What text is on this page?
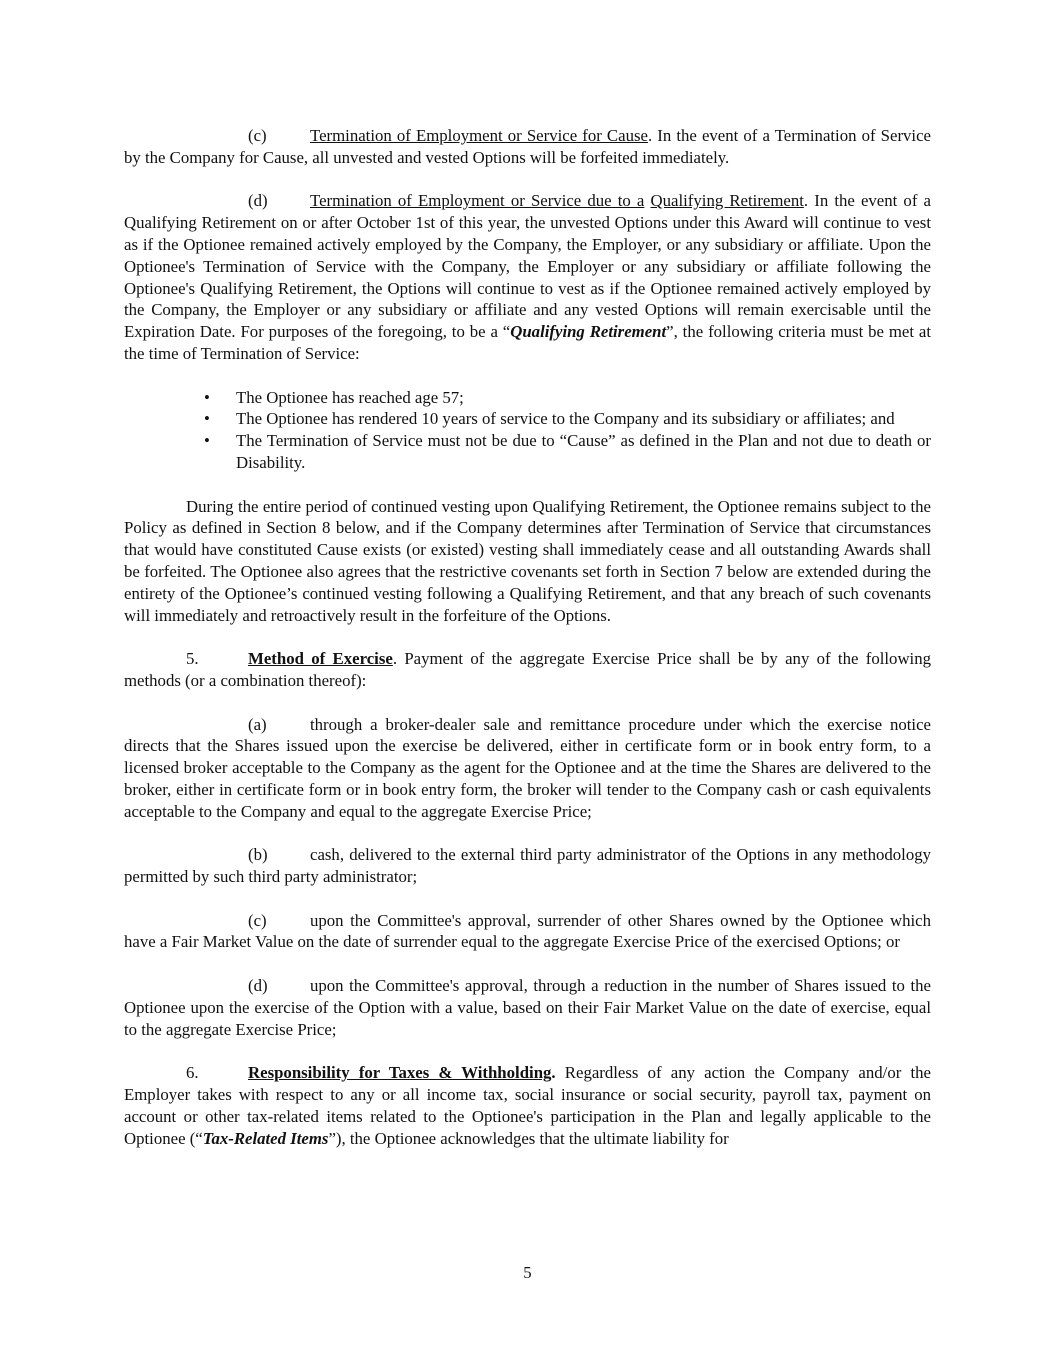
(c)	Termination of Employment or Service for Cause. In the event of a Termination of Service by the Company for Cause, all unvested and vested Options will be forfeited immediately.

(d)	Termination of Employment or Service due to a Qualifying Retirement. In the event of a Qualifying Retirement on or after October 1st of this year, the unvested Options under this Award will continue to vest as if the Optionee remained actively employed by the Company, the Employer, or any subsidiary or affiliate. Upon the Optionee's Termination of Service with the Company, the Employer or any subsidiary or affiliate following the Optionee's Qualifying Retirement, the Options will continue to vest as if the Optionee remained actively employed by the Company, the Employer or any subsidiary or affiliate and any vested Options will remain exercisable until the Expiration Date. For purposes of the foregoing, to be a “Qualifying Retirement”, the following criteria must be met at the time of Termination of Service:

• The Optionee has reached age 57;
• The Optionee has rendered 10 years of service to the Company and its subsidiary or affiliates; and
• The Termination of Service must not be due to “Cause” as defined in the Plan and not due to death or Disability.

During the entire period of continued vesting upon Qualifying Retirement, the Optionee remains subject to the Policy as defined in Section 8 below, and if the Company determines after Termination of Service that circumstances that would have constituted Cause exists (or existed) vesting shall immediately cease and all outstanding Awards shall be forfeited. The Optionee also agrees that the restrictive covenants set forth in Section 7 below are extended during the entirety of the Optionee’s continued vesting following a Qualifying Retirement, and that any breach of such covenants will immediately and retroactively result in the forfeiture of the Options.

5.	Method of Exercise. Payment of the aggregate Exercise Price shall be by any of the following methods (or a combination thereof):

(a)	through a broker-dealer sale and remittance procedure under which the exercise notice directs that the Shares issued upon the exercise be delivered, either in certificate form or in book entry form, to a licensed broker acceptable to the Company as the agent for the Optionee and at the time the Shares are delivered to the broker, either in certificate form or in book entry form, the broker will tender to the Company cash or cash equivalents acceptable to the Company and equal to the aggregate Exercise Price;

(b)	cash, delivered to the external third party administrator of the Options in any methodology permitted by such third party administrator;

(c)	upon the Committee's approval, surrender of other Shares owned by the Optionee which have a Fair Market Value on the date of surrender equal to the aggregate Exercise Price of the exercised Options; or

(d)	upon the Committee's approval, through a reduction in the number of Shares issued to the Optionee upon the exercise of the Option with a value, based on their Fair Market Value on the date of exercise, equal to the aggregate Exercise Price;

6.	Responsibility for Taxes & Withholding. Regardless of any action the Company and/or the Employer takes with respect to any or all income tax, social insurance or social security, payroll tax, payment on account or other tax-related items related to the Optionee's participation in the Plan and legally applicable to the Optionee (“Tax-Related Items”), the Optionee acknowledges that the ultimate liability for

5
